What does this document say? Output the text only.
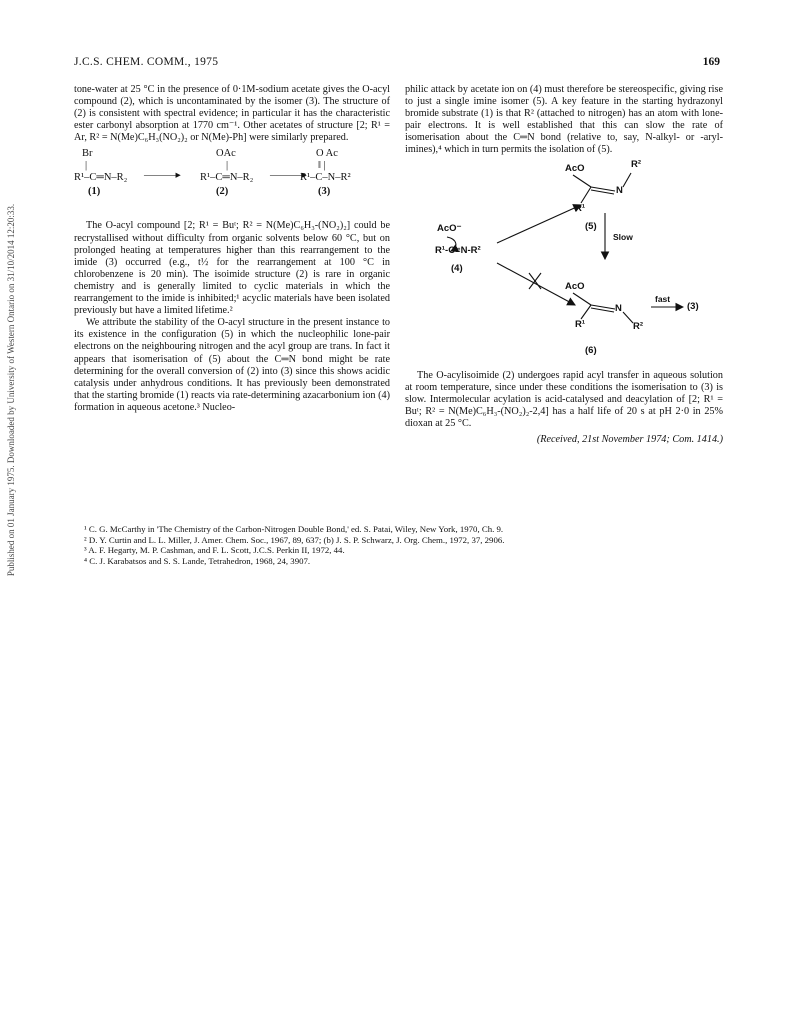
Published on 01 January 1975. Downloaded by University of Western Ontario on 31/10/2014 12:20:33.
J.C.S. CHEM. COMM., 1975	169

tone-water at 25 °C in the presence of 0·1M-sodium acetate gives the O-acyl compound (2), which is uncontaminated by the isomer (3). The structure of (2) is consistent with spectral evidence; in particular it has the characteristic ester carbonyl absorption at 1770 cm⁻¹. Other acetates of structure [2; R¹ = Ar, R² = N(Me)C₆H₃(NO₂)₂ or N(Me)-Ph] were similarly prepared.

Br
|
R¹–C═N–R₂
(1)
———▸
OAc
|
R¹–C═N–R₂
(2)
———▸
O Ac
‖ |
R¹–C–N–R²
(3)

The O-acyl compound [2; R¹ = Buᵗ; R² = N(Me)C₆H₃-(NO₂)₂] could be recrystallised without difficulty from organic solvents below 60 °C, but on prolonged heating at temperatures higher than this rearrangement to the imide (3) occurred (e.g., t½ for the rearrangement at 100 °C in chlorobenzene is 20 min). The isoimide structure (2) is rare in organic chemistry and is generally limited to cyclic materials in which the rearrangement to the imide is inhibited;¹ acyclic materials have been isolated previously but have a limited lifetime.²

We attribute the stability of the O-acyl structure in the present instance to its existence in the configuration (5) in which the nucleophilic lone-pair electrons on the neighbouring nitrogen and the acyl group are trans. In fact it appears that isomerisation of (5) about the C═N bond might be rate determining for the overall conversion of (2) into (3) since this shows acidic catalysis under anhydrous conditions. It has previously been demonstrated that the starting bromide (1) reacts via rate-determining azacarbonium ion (4) formation in aqueous acetone.³ Nucleo-

philic attack by acetate ion on (4) must therefore be stereospecific, giving rise to just a single imine isomer (5). A key feature in the starting hydrazonyl bromide substrate (1) is that R² (attached to nitrogen) has an atom with lone-pair electrons. It is well established that this can slow the rate of isomerisation about the C═N bond (relative to, say, N-alkyl- or -aryl-imines),⁴ which in turn permits the isolation of (5).

AcO	R²
R¹
N
(5)
Slow
AcO⁻
R¹-C≡N-R²
(4)
AcO
N
R¹	R²
fast
(3)
(6)

The O-acylisoimide (2) undergoes rapid acyl transfer in aqueous solution at room temperature, since under these conditions the isomerisation to (3) is slow. Intermolecular acylation is acid-catalysed and deacylation of [2; R¹ = Buᵗ; R² = N(Me)C₆H₃-(NO₂)₂-2,4] has a half life of 20 s at pH 2·0 in 25% dioxan at 25 °C.

(Received, 21st November 1974; Com. 1414.)
¹ C. G. McCarthy in 'The Chemistry of the Carbon-Nitrogen Double Bond,' ed. S. Patai, Wiley, New York, 1970, Ch. 9.
² D. Y. Curtin and L. L. Miller, J. Amer. Chem. Soc., 1967, 89, 637; (b) J. S. P. Schwarz, J. Org. Chem., 1972, 37, 2906.
³ A. F. Hegarty, M. P. Cashman, and F. L. Scott, J.C.S. Perkin II, 1972, 44.
⁴ C. J. Karabatsos and S. S. Lande, Tetrahedron, 1968, 24, 3907.
